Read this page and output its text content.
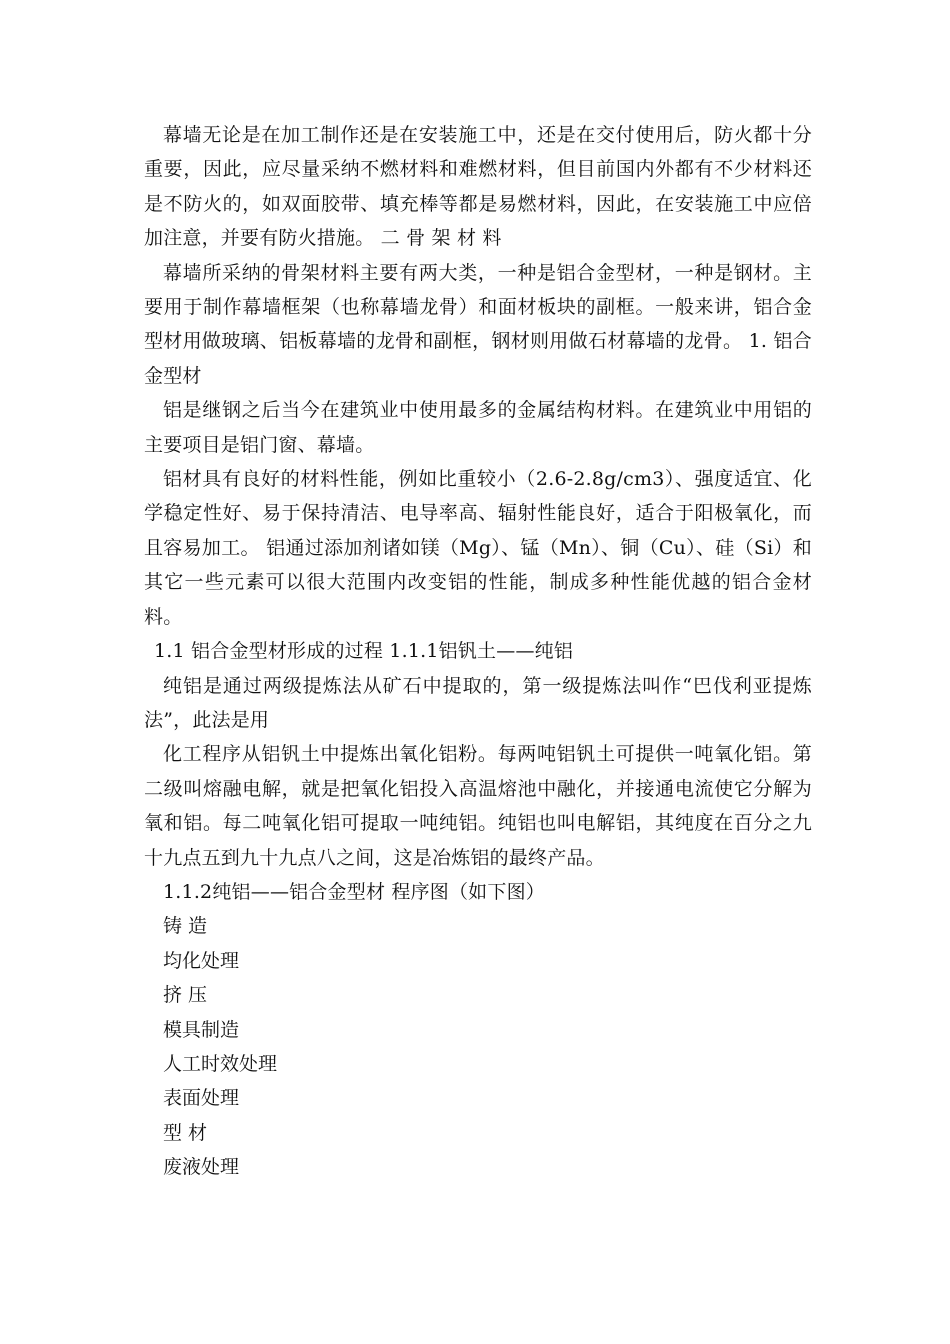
幕墙无论是在加工制作还是在安装施工中，还是在交付使用后，防火都十分重要，因此，应尽量采纳不燃材料和难燃材料，但目前国内外都有不少材料还是不防火的，如双面胶带、填充棒等都是易燃材料，因此，在安装施工中应倍加注意，并要有防火措施。 二 骨 架 材 料

幕墙所采纳的骨架材料主要有两大类，一种是铝合金型材，一种是钢材。主要用于制作幕墙框架（也称幕墙龙骨）和面材板块的副框。一般来讲，铝合金型材用做玻璃、铝板幕墙的龙骨和副框，钢材则用做石材幕墙的龙骨。 1. 铝合金型材

铝是继钢之后当今在建筑业中使用最多的金属结构材料。在建筑业中用铝的主要项目是铝门窗、幕墙。

铝材具有良好的材料性能，例如比重较小（2.6-2.8g/cm3）、强度适宜、化学稳定性好、易于保持清洁、电导率高、辐射性能良好，适合于阳极氧化，而且容易加工。 铝通过添加剂诸如镁（Mg）、锰（Mn）、铜（Cu）、硅（Si）和其它一些元素可以很大范围内改变铝的性能，制成多种性能优越的铝合金材料。

1.1 铝合金型材形成的过程 1.1.1铝钒土——纯铝

纯铝是通过两级提炼法从矿石中提取的，第一级提炼法叫作“巴伐利亚提炼法”，此法是用

化工程序从铝钒土中提炼出氧化铝粉。每两吨铝钒土可提供一吨氧化铝。第二级叫熔融电解，就是把氧化铝投入高温熔池中融化，并接通电流使它分解为氧和铝。每二吨氧化铝可提取一吨纯铝。纯铝也叫电解铝，其纯度在百分之九十九点五到九十九点八之间，这是冶炼铝的最终产品。

1.1.2纯铝——铝合金型材 程序图（如下图）

铸 造

均化处理

挤 压

模具制造

人工时效处理

表面处理

型 材

废液处理
